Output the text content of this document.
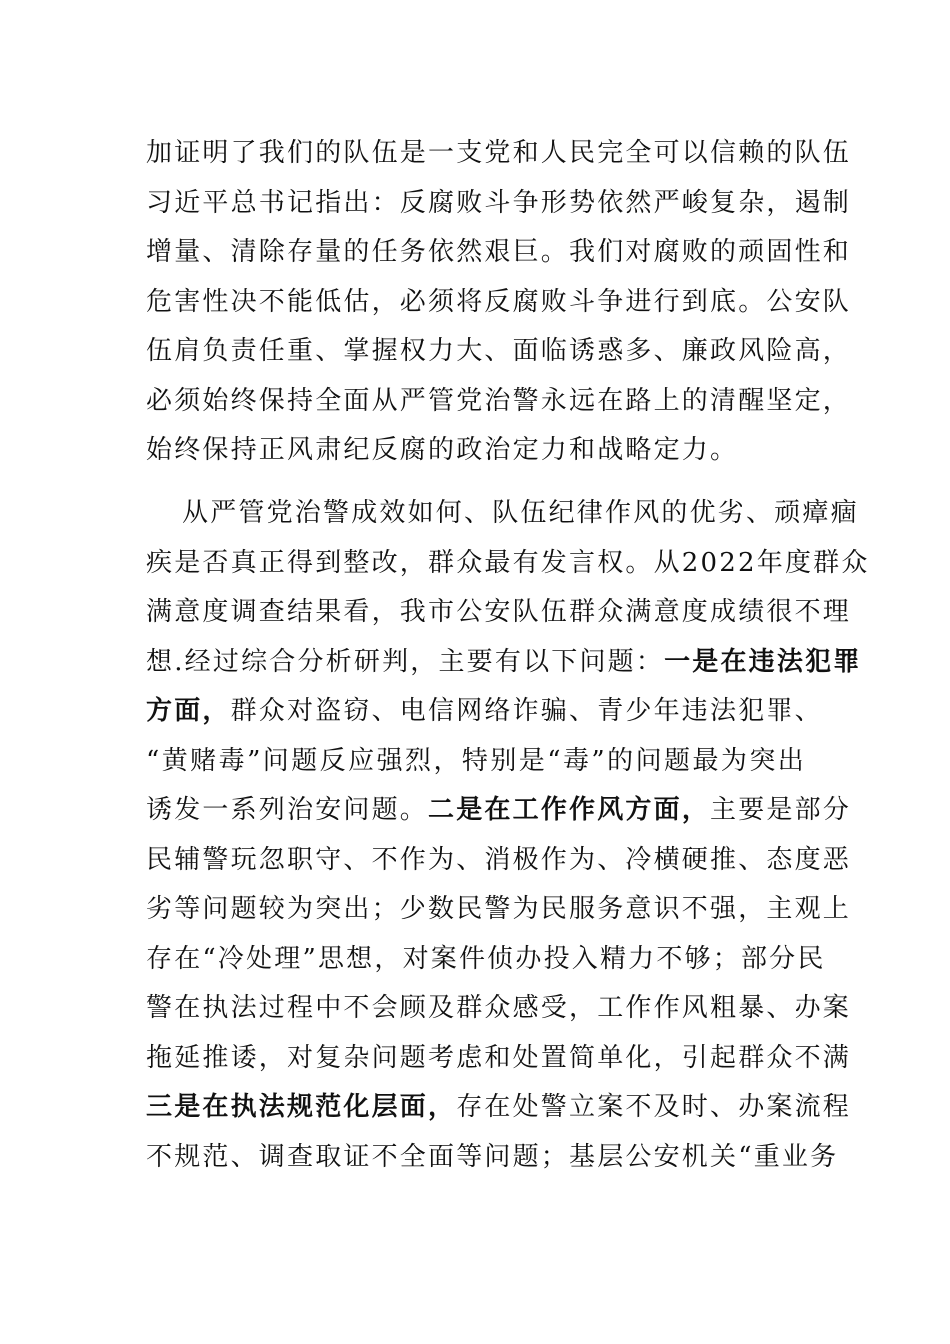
加证明了我们的队伍是一支党和人民完全可以信赖的队伍
习近平总书记指出：反腐败斗争形势依然严峻复杂，遏制
增量、清除存量的任务依然艰巨。我们对腐败的顽固性和
危害性决不能低估，必须将反腐败斗争进行到底。公安队
伍肩负责任重、掌握权力大、面临诱惑多、廉政风险高，
必须始终保持全面从严管党治警永远在路上的清醒坚定，
始终保持正风肃纪反腐的政治定力和战略定力。
从严管党治警成效如何、队伍纪律作风的优劣、顽瘴痼
疾是否真正得到整改，群众最有发言权。从2022年度群众
满意度调查结果看，我市公安队伍群众满意度成绩很不理
想.经过综合分析研判，主要有以下问题：一是在违法犯罪
方面，群众对盗窃、电信网络诈骗、青少年违法犯罪、
“黄赌毒”问题反应强烈，特别是“毒”的问题最为突出
诱发一系列治安问题。二是在工作作风方面，主要是部分
民辅警玩忽职守、不作为、消极作为、冷横硬推、态度恶
劣等问题较为突出；少数民警为民服务意识不强，主观上
存在“冷处理”思想，对案件侦办投入精力不够；部分民
警在执法过程中不会顾及群众感受，工作作风粗暴、办案
拖延推诿，对复杂问题考虑和处置简单化，引起群众不满
三是在执法规范化层面，存在处警立案不及时、办案流程
不规范、调查取证不全面等问题；基层公安机关“重业务
